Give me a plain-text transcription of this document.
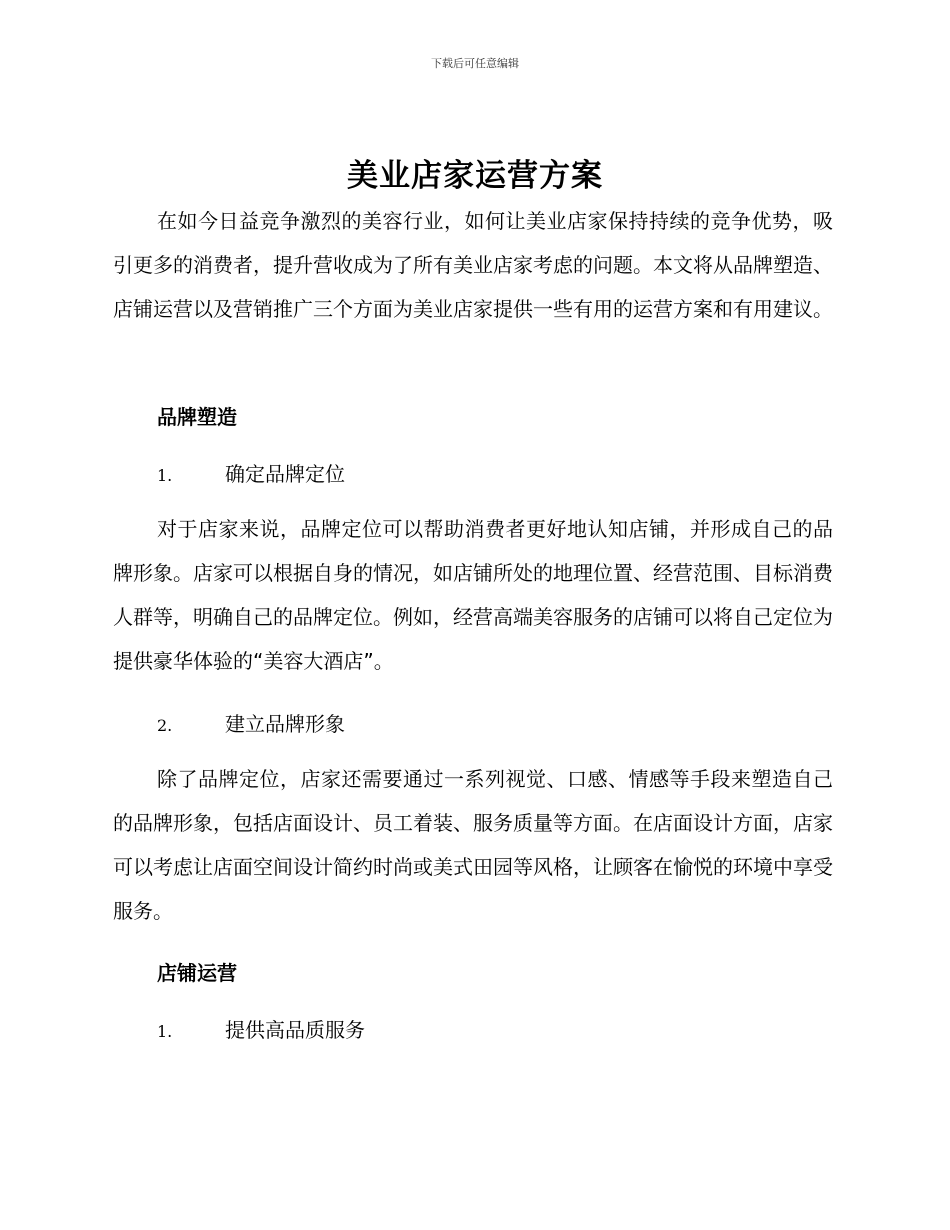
下载后可任意编辑
美业店家运营方案

在如今日益竞争激烈的美容行业，如何让美业店家保持持续的竞争优势，吸引更多的消费者，提升营收成为了所有美业店家考虑的问题。本文将从品牌塑造、店铺运营以及营销推广三个方面为美业店家提供一些有用的运营方案和有用建议。

品牌塑造
1.	确定品牌定位

对于店家来说，品牌定位可以帮助消费者更好地认知店铺，并形成自己的品牌形象。店家可以根据自身的情况，如店铺所处的地理位置、经营范围、目标消费人群等，明确自己的品牌定位。例如，经营高端美容服务的店铺可以将自己定位为提供豪华体验的“美容大酒店”。

2.	建立品牌形象

除了品牌定位，店家还需要通过一系列视觉、口感、情感等手段来塑造自己的品牌形象，包括店面设计、员工着装、服务质量等方面。在店面设计方面，店家可以考虑让店面空间设计简约时尚或美式田园等风格，让顾客在愉悦的环境中享受服务。

店铺运营
1.	提供高品质服务
